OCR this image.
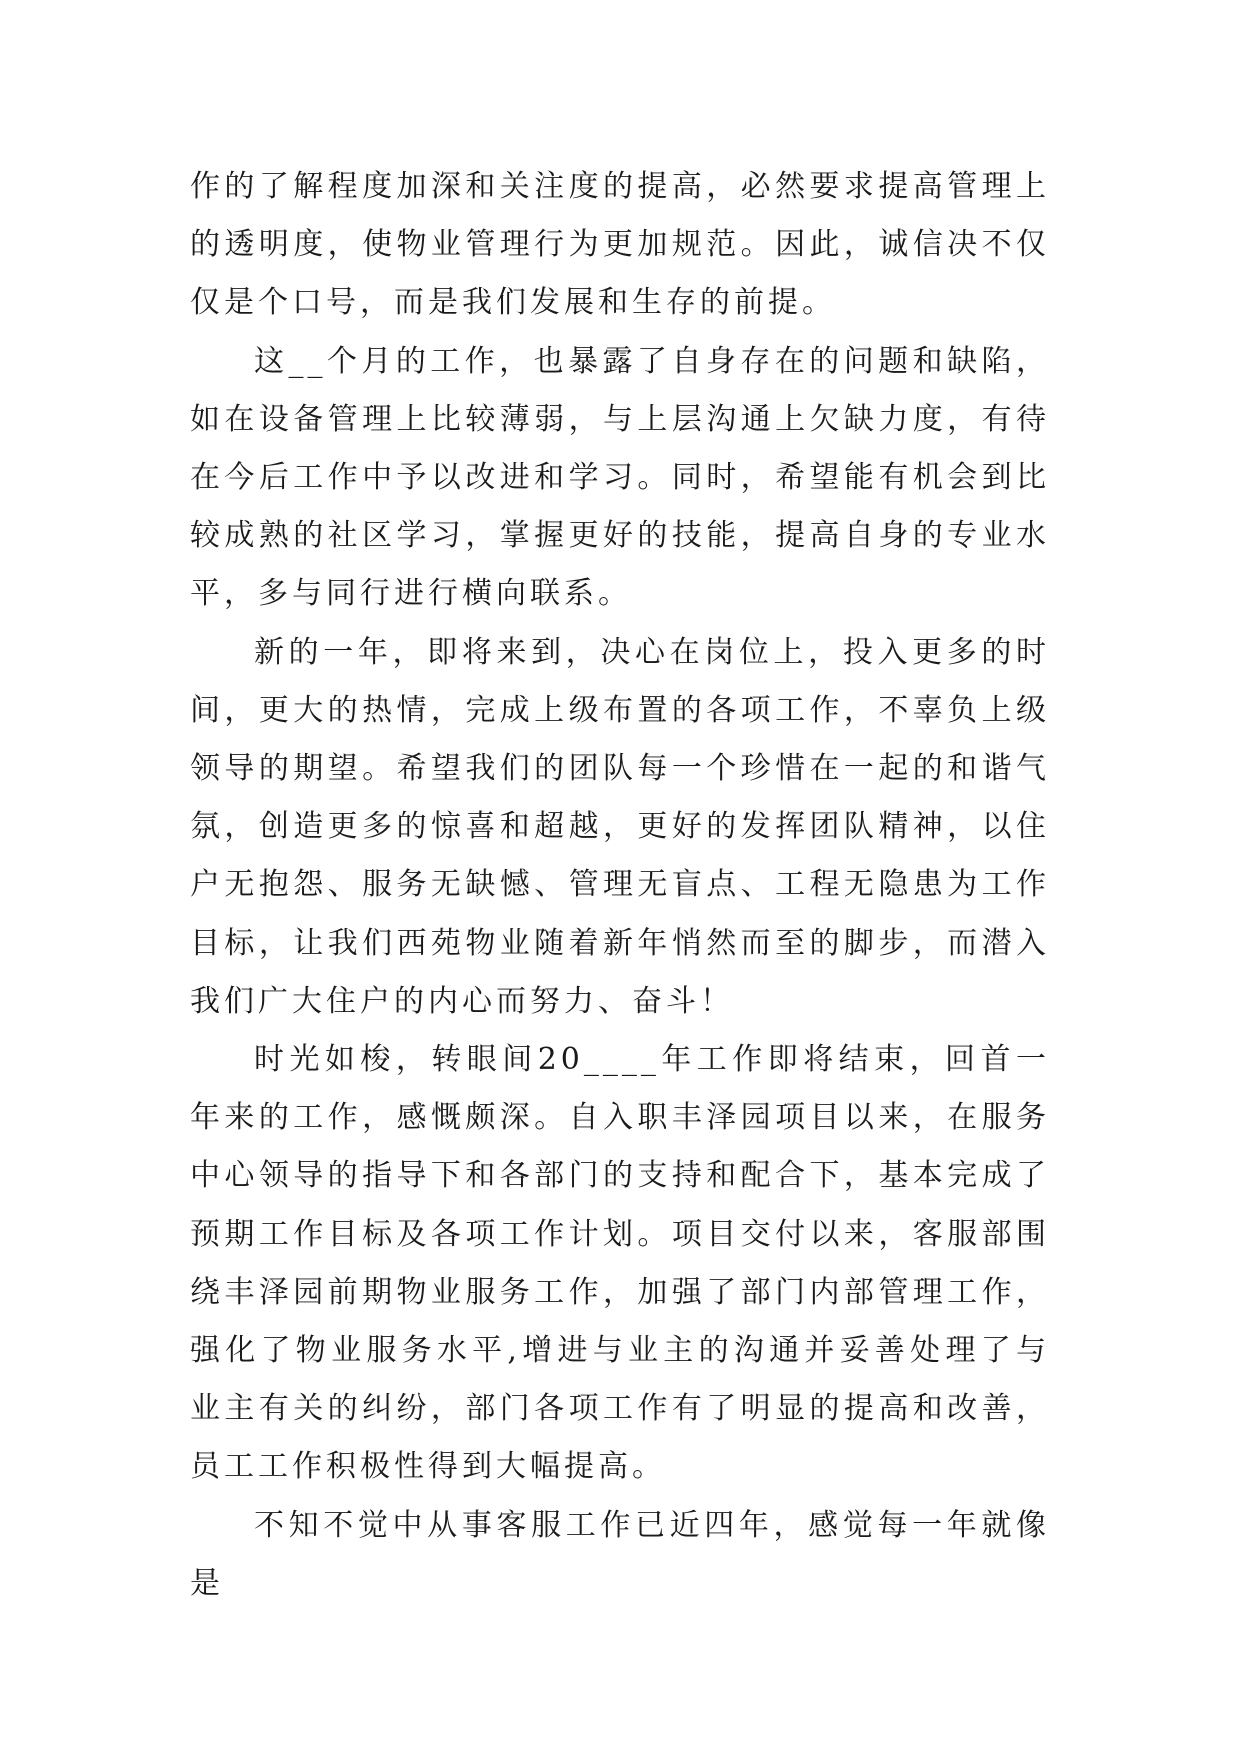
作的了解程度加深和关注度的提高，必然要求提高管理上的透明度，使物业管理行为更加规范。因此，诚信决不仅仅是个口号，而是我们发展和生存的前提。

这__个月的工作，也暴露了自身存在的问题和缺陷，如在设备管理上比较薄弱，与上层沟通上欠缺力度，有待在今后工作中予以改进和学习。同时，希望能有机会到比较成熟的社区学习，掌握更好的技能，提高自身的专业水平，多与同行进行横向联系。

新的一年，即将来到，决心在岗位上，投入更多的时间，更大的热情，完成上级布置的各项工作，不辜负上级领导的期望。希望我们的团队每一个珍惜在一起的和谐气氛，创造更多的惊喜和超越，更好的发挥团队精神，以住户无抱怨、服务无缺憾、管理无盲点、工程无隐患为工作目标，让我们西苑物业随着新年悄然而至的脚步，而潜入我们广大住户的内心而努力、奋斗！

时光如梭，转眼间20____年工作即将结束，回首一年来的工作，感慨颇深。自入职丰泽园项目以来，在服务中心领导的指导下和各部门的支持和配合下，基本完成了预期工作目标及各项工作计划。项目交付以来，客服部围绕丰泽园前期物业服务工作，加强了部门内部管理工作，强化了物业服务水平,增进与业主的沟通并妥善处理了与业主有关的纠纷，部门各项工作有了明显的提高和改善，员工工作积极性得到大幅提高。

不知不觉中从事客服工作已近四年，感觉每一年就像是
